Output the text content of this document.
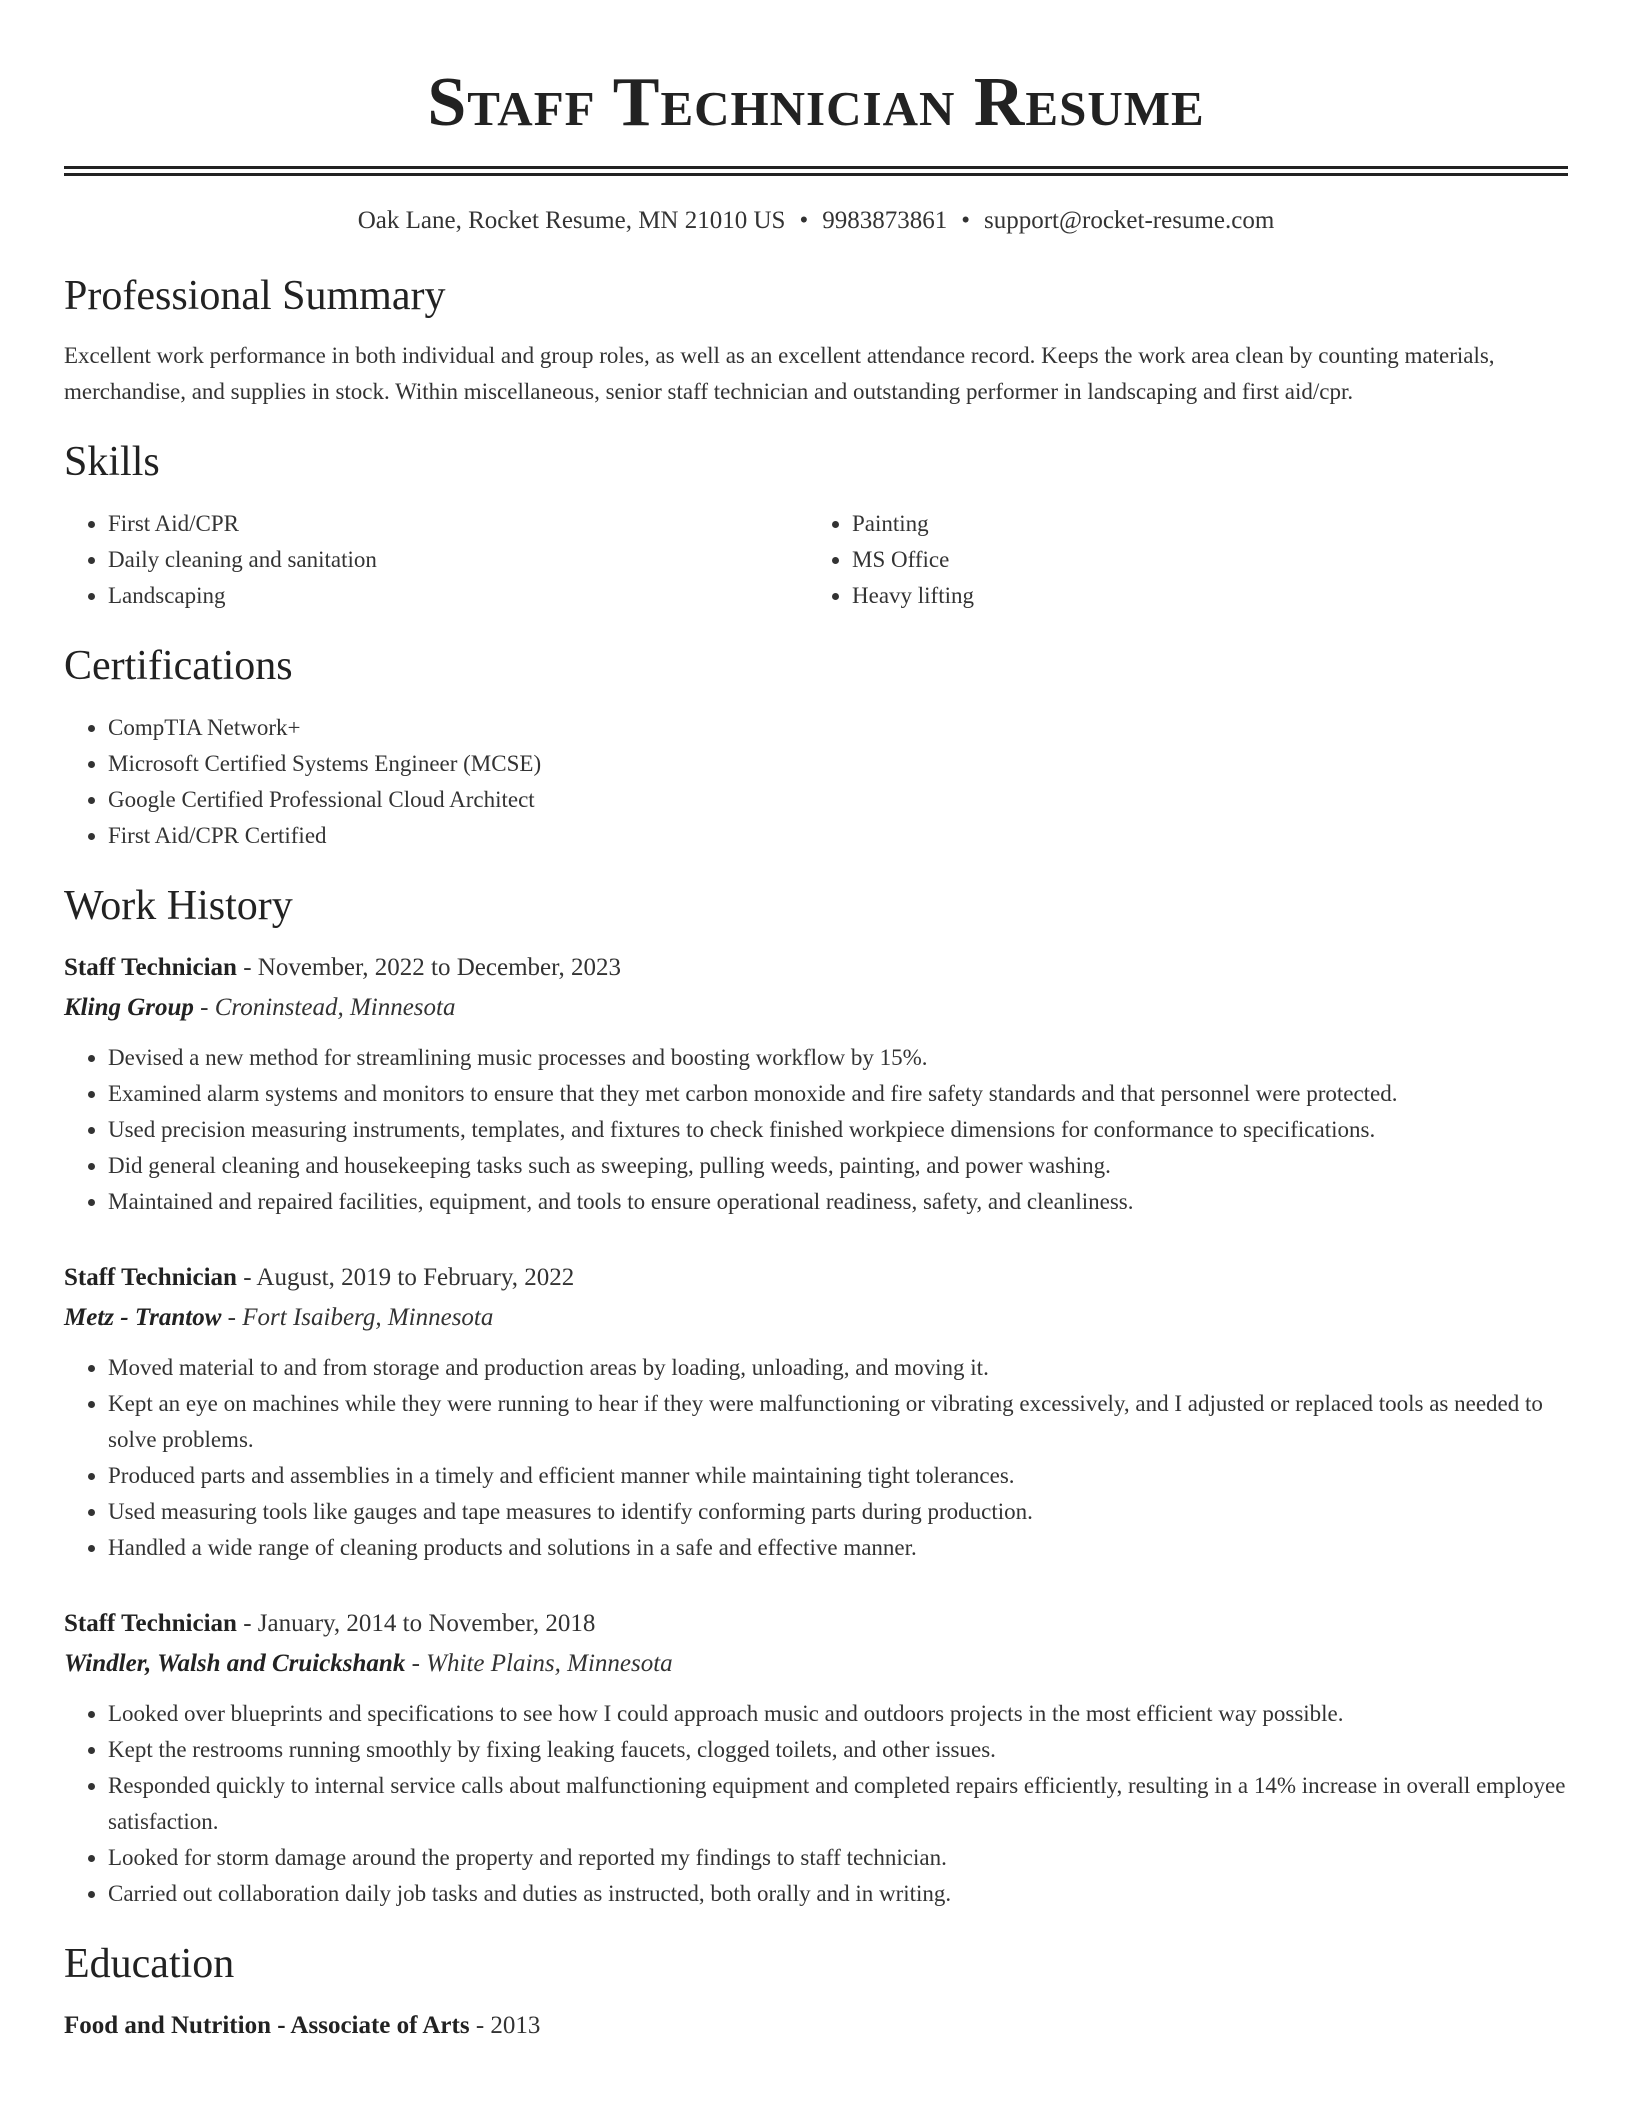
Staff Technician Resume
Oak Lane, Rocket Resume, MN 21010 US • 9983873861 • support@rocket-resume.com
Professional Summary

Excellent work performance in both individual and group roles, as well as an excellent attendance record. Keeps the work area clean by counting materials, merchandise, and supplies in stock. Within miscellaneous, senior staff technician and outstanding performer in landscaping and first aid/cpr.

Skills
• First Aid/CPR
• Daily cleaning and sanitation
• Landscaping
• Painting
• MS Office
• Heavy lifting
Certifications
• CompTIA Network+
• Microsoft Certified Systems Engineer (MCSE)
• Google Certified Professional Cloud Architect
• First Aid/CPR Certified
Work History
Staff Technician - November, 2022 to December, 2023
Kling Group - Croninstead, Minnesota
• Devised a new method for streamlining music processes and boosting workflow by 15%.
• Examined alarm systems and monitors to ensure that they met carbon monoxide and fire safety standards and that personnel were protected.
• Used precision measuring instruments, templates, and fixtures to check finished workpiece dimensions for conformance to specifications.
• Did general cleaning and housekeeping tasks such as sweeping, pulling weeds, painting, and power washing.
• Maintained and repaired facilities, equipment, and tools to ensure operational readiness, safety, and cleanliness.
Staff Technician - August, 2019 to February, 2022
Metz - Trantow - Fort Isaiberg, Minnesota
• Moved material to and from storage and production areas by loading, unloading, and moving it.
• Kept an eye on machines while they were running to hear if they were malfunctioning or vibrating excessively, and I adjusted or replaced tools as needed to solve problems.
• Produced parts and assemblies in a timely and efficient manner while maintaining tight tolerances.
• Used measuring tools like gauges and tape measures to identify conforming parts during production.
• Handled a wide range of cleaning products and solutions in a safe and effective manner.
Staff Technician - January, 2014 to November, 2018
Windler, Walsh and Cruickshank - White Plains, Minnesota
• Looked over blueprints and specifications to see how I could approach music and outdoors projects in the most efficient way possible.
• Kept the restrooms running smoothly by fixing leaking faucets, clogged toilets, and other issues.
• Responded quickly to internal service calls about malfunctioning equipment and completed repairs efficiently, resulting in a 14% increase in overall employee satisfaction.
• Looked for storm damage around the property and reported my findings to staff technician.
• Carried out collaboration daily job tasks and duties as instructed, both orally and in writing.
Education
Food and Nutrition - Associate of Arts - 2013
